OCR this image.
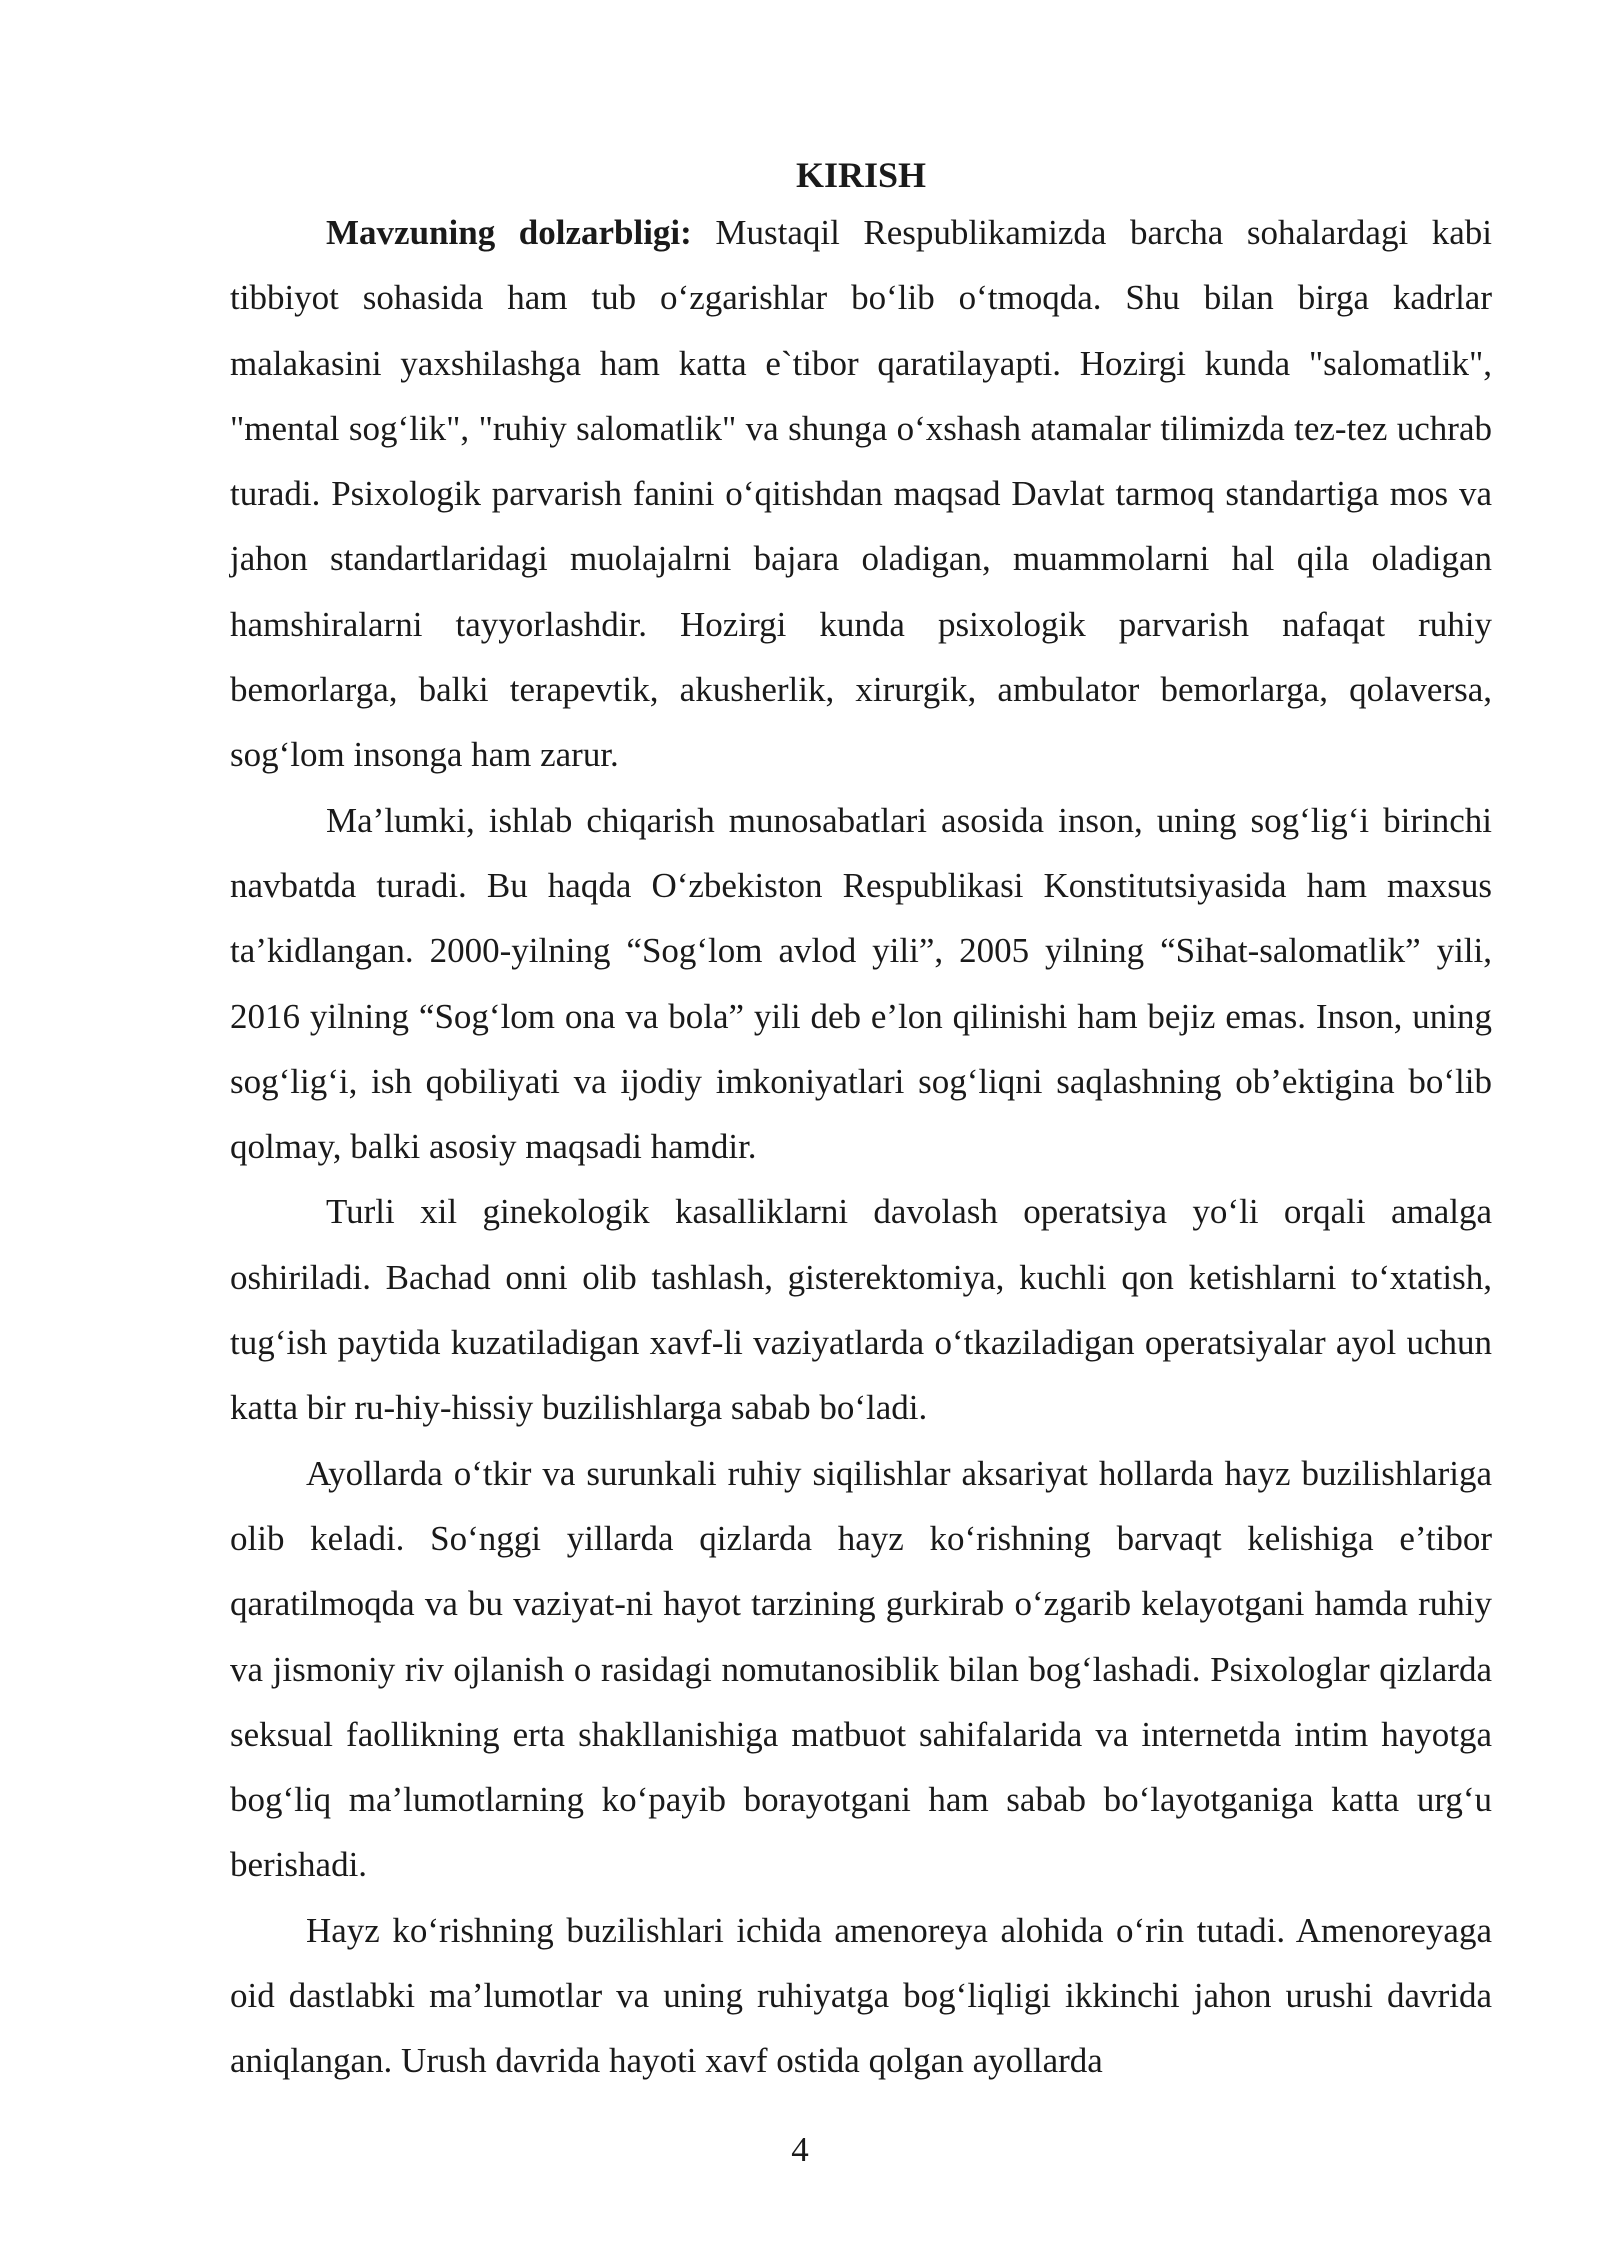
KIRISH

Mavzuning dolzarbligi: Mustaqil Respublikamizda barcha sohalardagi kabi tibbiyot sohasida ham tub o‘zgarishlar bo‘lib o‘tmoqda. Shu bilan birga kadrlar malakasini yaxshilashga ham katta e`tibor qaratilayapti. Hozirgi kunda "salomatlik", "mental sog‘lik", "ruhiy salomatlik" va shunga o‘xshash atamalar tilimizda tez-tez uchrab turadi. Psixologik parvarish fanini o‘qitishdan maqsad Davlat tarmoq standartiga mos va jahon standartlaridagi muolajalrni bajara oladigan, muammolarni hal qila oladigan hamshiralarni tayyorlashdir. Hozirgi kunda psixologik parvarish nafaqat ruhiy bemorlarga, balki terapevtik, akusherlik, xirurgik, ambulator bemorlarga, qolaversa, sog‘lom insonga ham zarur.

Ma’lumki, ishlab chiqarish munosabatlari asosida inson, uning sog‘lig‘i birinchi navbatda turadi. Bu haqda O‘zbekiston Respublikasi Konstitutsiyasida ham maxsus ta’kidlangan. 2000-yilning “Sog‘lom avlod yili”, 2005 yilning “Sihat-salomatlik” yili, 2016 yilning “Sog‘lom ona va bola” yili deb e’lon qilinishi ham bejiz emas. Inson, uning sog‘lig‘i, ish qobiliyati va ijodiy imkoniyatlari sog‘liqni saqlashning ob’ektigina bo‘lib qolmay, balki asosiy maqsadi hamdir.

Turli xil ginekologik kasalliklarni davolash operatsiya yo‘li orqali amalga oshiriladi. Bachad onni olib tashlash, gisterektomiya, kuchli qon ketishlarni to‘xtatish, tug‘ish paytida kuzatiladigan xavf-li vaziyatlarda o‘tkaziladigan operatsiyalar ayol uchun katta bir ru-hiy-hissiy buzilishlarga sabab bo‘ladi.

Ayollarda o‘tkir va surunkali ruhiy siqilishlar aksariyat hollarda hayz buzilishlariga olib keladi. So‘nggi yillarda qizlarda hayz ko‘rishning barvaqt kelishiga e’tibor qaratilmoqda va bu vaziyat-ni hayot tarzining gurkirab o‘zgarib kelayotgani hamda ruhiy va jismoniy riv ojlanish o rasidagi nomutanosiblik bilan bog‘lashadi. Psixologlar qizlarda seksual faollikning erta shakllanishiga matbuot sahifalarida va internetda intim hayotga bog‘liq ma’lumotlarning ko‘payib borayotgani ham sabab bo‘layotganiga katta urg‘u berishadi.

Hayz ko‘rishning buzilishlari ichida amenoreya alohida o‘rin tutadi. Amenoreyaga oid dastlabki ma’lumotlar va uning ruhiyatga bog‘liqligi ikkinchi jahon urushi davrida aniqlangan. Urush davrida hayoti xavf ostida qolgan ayollarda

4
